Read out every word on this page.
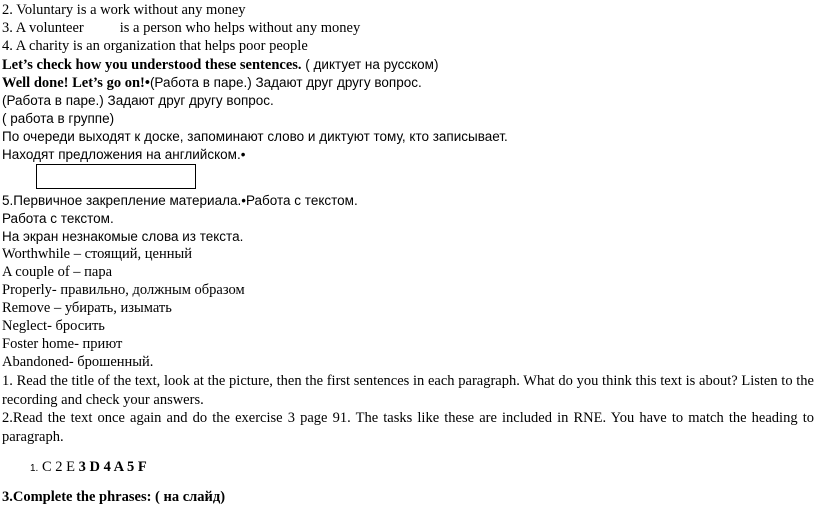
2. Voluntary is a work without any money
3. A volunteer is a person who helps without any money
4. A charity is an organization that helps poor people
Let’s check how you understood these sentences. ( диктует на русском)
Well done! Let’s go on!•(Работа в паре.) Задают друг другу вопрос.
(Работа в паре.) Задают друг другу вопрос.
( работа в группе)
По очереди выходят к доске, запоминают слово и диктуют тому, кто записывает.
Находят предложения на английском.•
5.Первичное закрепление материала.•Работа с текстом.
Работа с текстом.
На экран незнакомые слова из текста.
Worthwhile – стоящий, ценный
A couple of – пара
Properly- правильно, должным образом
Remove – убирать, изымать
Neglect- бросить
Foster home- приют
Abandoned- брошенный.
1. Read the title of the text, look at the picture, then the first sentences in each paragraph. What do you think this text is about? Listen to the recording and check your answers.
2.Read the text once again and do the exercise 3 page 91. The tasks like these are included in RNE. You have to match the heading to paragraph.
1. C 2 E 3 D 4 A 5 F
3.Complete the phrases: ( на слайд)
